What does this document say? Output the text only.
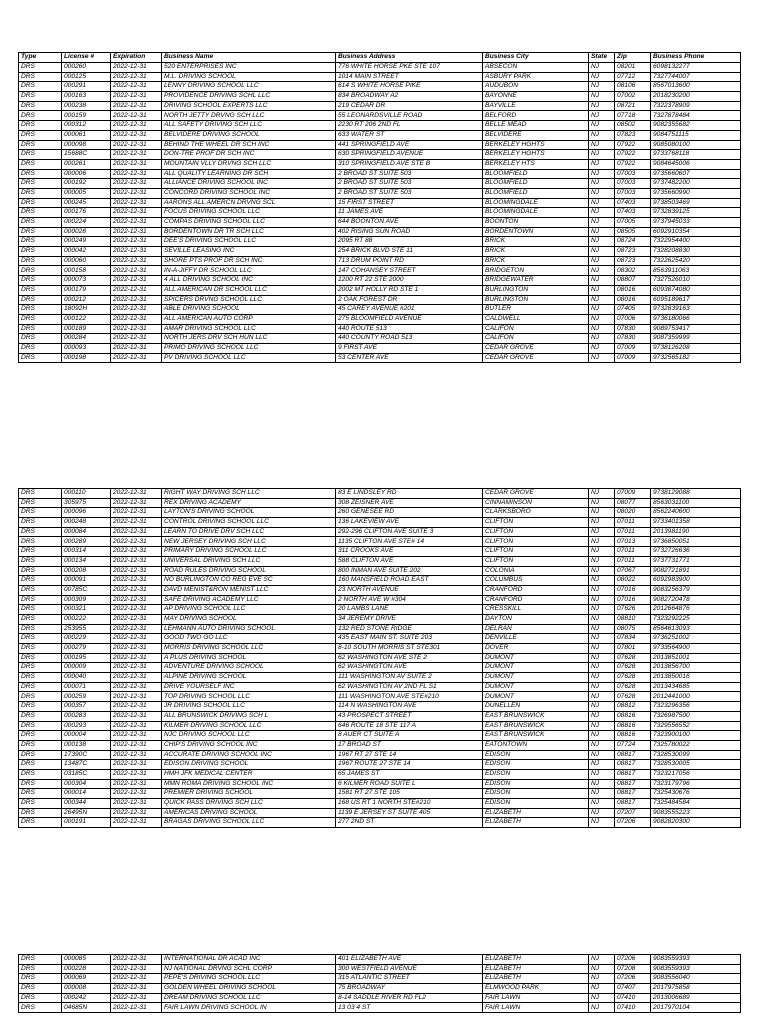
Type	License #	Expiration	Business Name	Business Address	Business City	State	Zip	Business Phone
DRS	000260	2022-12-31	520 ENTERPRISES INC	776 WHITE HORSE PKE STE 107	ABSECON	NJ	08201	6098132277
DRS	000125	2022-12-31	M.L. DRIVING SCHOOL	1014 MAIN STREET	ASBURY PARK	NJ	07712	7327744007
DRS	000291	2022-12-31	LENNY DRIVING SCHOOL LLC	614 S WHITE HORSE PIKE	AUDUBON	NJ	08106	8567013600
DRS	000163	2022-12-31	PROVIDENCE DRIVING SCHL LLC	834 BROADWAY A2	BAYONNE	NJ	07002	2018230200
DRS	000238	2022-12-31	DRIVING SCHOOL EXPERTS LLC	219 CEDAR DR	BAYVILLE	NJ	08721	7322378909
DRS	000159	2022-12-31	NORTH JETTY DRVNG SCH LLC	55 LEONARDSVILLE ROAD	BELFORD	NJ	07718	7327878484
DRS	000312	2022-12-31	ALL SAFETY DRIVING SCH LLC	2230 RT 206 2ND FL	BELLE MEAD	NJ	08502	9082355682
DRS	000061	2022-12-31	BELVIDERE DRIVING SCHOOL	633 WATER ST	BELVIDERE	NJ	07823	9084751115
DRS	000098	2022-12-31	BEHIND THE WHEEL DR SCH INC	441 SPRINGFIELD AVE	BERKELEY HGHTS	NJ	07922	9085080100
DRS	15688C	2022-12-31	DON-TRE PROF DR SCH INC	630 SPRINGFIELD AVENUE	BERKELEY HGHTS	NJ	07922	9733768118
DRS	000261	2022-12-31	MOUNTAIN VLLY DRVNG SCH LLC	310 SPRINGFIELD AVE STE B	BERKELEY HTS	NJ	07922	9084645006
DRS	000006	2022-12-31	ALL QUALITY LEARNING DR SCH	2 BROAD ST SUITE 503	BLOOMFIELD	NJ	07003	9735660607
DRS	000192	2022-12-31	ALLIANCE DRIVING SCHOOL INC	2 BROAD ST SUITE 503	BLOOMFIELD	NJ	07003	9737482200
DRS	000005	2022-12-31	CONCORD DRIVING SCHOOL INC	2 BROAD ST SUITE 503	BLOOMFIELD	NJ	07003	9735660990
DRS	000245	2022-12-31	AARONS ALL AMERCN DRVNG SCL	15 FIRST STREET	BLOOMINGDALE	NJ	07403	9738503469
DRS	000176	2022-12-31	FOCUS DRIVING SCHOOL LLC	11 JAMES AVE	BLOOMINGDALE	NJ	07403	9732839125
DRS	000224	2022-12-31	COMPAS DRIVING SCHOOL LLC	644 BOONTON AVE	BOONTON	NJ	07005	9737945033
DRS	000028	2022-12-31	BORDENTOWN DR TR SCH LLC	402 RISING SUN ROAD	BORDENTOWN	NJ	08505	6092910354
DRS	000249	2022-12-31	DEE'S DRIVING SCHOOL LLC	2095 RT 88	BRICK	NJ	08724	7322954400
DRS	000042	2022-12-31	SEVILLE LEASING INC	254 BRICK BLVD STE 11	BRICK	NJ	08723	7328208830
DRS	000060	2022-12-31	SHORE PTS PROF DR SCH INC	713 DRUM POINT RD	BRICK	NJ	08723	7322625420
DRS	000158	2022-12-31	IN-A-JIFFY DR SCHOOL LLC	147 COHANSEY STREET	BRIDGETON	NJ	08302	8563911063
DRS	000073	2022-12-31	4 ALL DRIVING SCHOOL INC	1200 RT 22 STE 2000	BRIDGEWATER	NJ	08807	7327526010
DRS	000179	2022-12-31	ALL AMERICAN DR SCHOOL LLC	2002 MT HOLLY RD STE 1	BURLINGTON	NJ	08016	6093874080
DRS	000212	2022-12-31	SPICERS DRVNG SCHOOL LLC	2 OAK FOREST DR	BURLINGTON	NJ	08016	6095189617
DRS	18092H	2022-12-31	ABLE DRIVING SCHOOL	45 CAREY AVENUE #201	BUTLER	NJ	07405	9732839163
DRS	000122	2022-12-31	ALL AMERICAN AUTO CORP	275 BLOOMFIELD AVENUE	CALDWELL	NJ	07006	9736180066
DRS	000189	2022-12-31	AMAR DRIVING SCHOOL LLC	440 ROUTE 513	CALIFON	NJ	07830	9089753417
DRS	000284	2022-12-31	NORTH JERS DRV SCH HUN LLC	440 COUNTY ROAD 513	CALIFON	NJ	07830	9087359999
DRS	000093	2022-12-31	PRIMO DRIVING SCHOOL LLC	9 FIRST AVE	CEDAR GROVE	NJ	07009	9738126208
DRS	000198	2022-12-31	PV DRIVING SCHOOL LLC	53 CENTER AVE	CEDAR GROVE	NJ	07009	9732565182
DRS	000110	2022-12-31	RIGHT WAY DRIVING SCH LLC	83 E LINDSLEY RD	CEDAR GROVE	NJ	07009	9738129088
DRS	305975	2022-12-31	REX DRIVING ACADEMY	308 ZEISNER AVE	CINNAMINSON	NJ	08077	8563031100
DRS	000096	2022-12-31	LAYTON'S DRIVING SCHOOL	260 GENESEE RD	CLARKSBORO	NJ	08020	8562240600
DRS	000248	2022-12-31	CONTROL DRIVING SCHOOL LLC	136 LAKEVIEW AVE	CLIFTON	NJ	07011	9733401358
DRS	000084	2022-12-31	LEARN TO DRIVE DRV SCH LLC	292-296 CLIFTON AVE SUITE 3	CLIFTON	NJ	07011	2013981190
DRS	000289	2022-12-31	NEW JERSEY DRIVING SCH LLC	1135 CLIFTON AVE STE# 14	CLIFTON	NJ	07013	9736850051
DRS	000314	2022-12-31	PRIMARY DRIVING SCHOOL LLC	311 CROOKS AVE	CLIFTON	NJ	07011	9732726636
DRS	000134	2022-12-31	UNIVERSAL DRIVING SCH LLC	588 CLIFTON AVE	CLIFTON	NJ	07011	9737731771
DRS	000208	2022-12-31	ROAD RULES DRIVING SCHOOL	800 INMAN AVE SUITE 202	COLONIA	NJ	07067	9082721891
DRS	000091	2022-12-31	NO BURLINGTON CO REG EVE SC	160 MANSFIELD ROAD EAST	COLUMBUS	NJ	08022	6092983900
DRS	00785C	2022-12-31	DAVD MENIST&RON MENIST LLC	23 NORTH AVENUE	CRANFORD	NJ	07016	9083256379
DRS	000309	2022-12-31	SAFE DRIVING ACADEMY LLC	2 NORTH AVE W #304	CRANFORD	NJ	07016	9082720478
DRS	000321	2022-12-31	AP DRIVING SCHOOL LLC	20 LAMBS LANE	CRESSKILL	NJ	07626	2012664876
DRS	000222	2022-12-31	MAY DRIVING SCHOOL	34 JEREMY DRIVE	DAYTON	NJ	08810	7323292225
DRS	253955	2022-12-31	LEHMANN AUTO DRIVING SCHOOL	132 RED STONE RIDGE	DELRAN	NJ	08075	8564613093
DRS	000229	2022-12-31	GOOD TWO GO LLC	435 EAST MAIN ST. SUITE 203	DENVILLE	NJ	07834	9736251002
DRS	000279	2022-12-31	MORRIS DRIVING SCHOOL LLC	8-10 SOUTH MORRIS ST STE301	DOVER	NJ	07801	9733564900
DRS	000195	2022-12-31	A PLUS DRIVING SCHOOL	62 WASHINGTON AVE STE 2	DUMONT	NJ	07628	2013851001
DRS	000009	2022-12-31	ADVENTURE DRIVING SCHOOL	62 WASHINGTON AVE	DUMONT	NJ	07628	2013856700
DRS	000040	2022-12-31	ALPINE DRIVING SCHOOL	111 WASHINGTON AV SUITE 2	DUMONT	NJ	07628	2013850016
DRS	000071	2022-12-31	DRIVE YOURSELF INC	62 WASHINGTON AV 2ND FL S1	DUMONT	NJ	07628	2013434685
DRS	000259	2022-12-31	TOP DRIVING SCHOOL LLC	111 WASHINGTON AVE STE#210	DUMONT	NJ	07628	2012441000
DRS	000357	2022-12-31	JR DRIVING SCHOOL LLC	114 N WASHINGTON AVE	DUNELLEN	NJ	08812	7323296356
DRS	000283	2022-12-31	ALL BRUNSWICK DRIVING SCH L	43 PROSPECT STREET	EAST BRUNSWICK	NJ	08816	7326987500
DRS	000293	2022-12-31	KILMER DRIVING SCHOOL LLC	646 ROUTE 18 STE 117 A	EAST BRUNSWICK	NJ	08816	7329556552
DRS	000004	2022-12-31	NJC DRIVING SCHOOL LLC	8 AUER CT SUITE A	EAST BRUNSWICK	NJ	08816	7323900100
DRS	000138	2022-12-31	CHIP'S DRIVING SCHOOL INC	17 BROAD ST	EATONTOWN	NJ	07724	7325780022
DRS	17390C	2022-12-31	ACCURATE DRIVING SCHOOL INC	1967 RT 27 STE 14	EDISON	NJ	08817	7328530099
DRS	13487C	2022-12-31	EDISON DRIVING SCHOOL	1967 ROUTE 27 STE 14	EDISON	NJ	08817	7328530005
DRS	03185C	2022-12-31	HMH JFK MEDICAL CENTER	65 JAMES ST	EDISON	NJ	08817	7323217056
DRS	000304	2022-12-31	MMN ROMA DRIVING SCHOOL INC	6 KILMER ROAD SUITE L	EDISON	NJ	08817	7323179796
DRS	000014	2022-12-31	PREMIER DRIVING SCHOOL	1581 RT 27 STE 105	EDISON	NJ	08817	7325430676
DRS	000344	2022-12-31	QUICK PASS DRIVING SCH LLC	168 US RT 1 NORTH STE#210	EDISON	NJ	08817	7325484584
DRS	26495N	2022-12-31	AMERICAS DRIVING SCHOOL	1139 E JERSEY ST SUITE 405	ELIZABETH	NJ	07207	9083555223
DRS	000191	2022-12-31	BRAGAS DRIVING SCHOOL LLC	277 2ND ST	ELIZABETH	NJ	07206	9082820300
DRS	000085	2022-12-31	INTERNATIONAL DR ACAD INC	401 ELIZABETH AVE	ELIZABETH	NJ	07206	9083559393
DRS	000228	2022-12-31	NJ NATIONAL DRVNG SCHL CORP	300 WESTFIELD AVENUE	ELIZABETH	NJ	07208	9083559393
DRS	000069	2022-12-31	PEPE'S DRIVING SCHOOL LLC	315 ATLANTIC STREET	ELIZABETH	NJ	07206	9083556040
DRS	000008	2022-12-31	GOLDEN WHEEL DRIVING SCHOOL	75 BROADWAY	ELMWOOD PARK	NJ	07407	2017975858
DRS	000242	2022-12-31	DREAM DRIVING SCHOOL LLC	8-14 SADDLE RIVER RD FL2	FAIR LAWN	NJ	07410	2013006689
DRS	04685N	2022-12-31	FAIR LAWN DRIVING SCHOOL IN	13 03 4 ST	FAIR LAWN	NJ	07410	2017970104
